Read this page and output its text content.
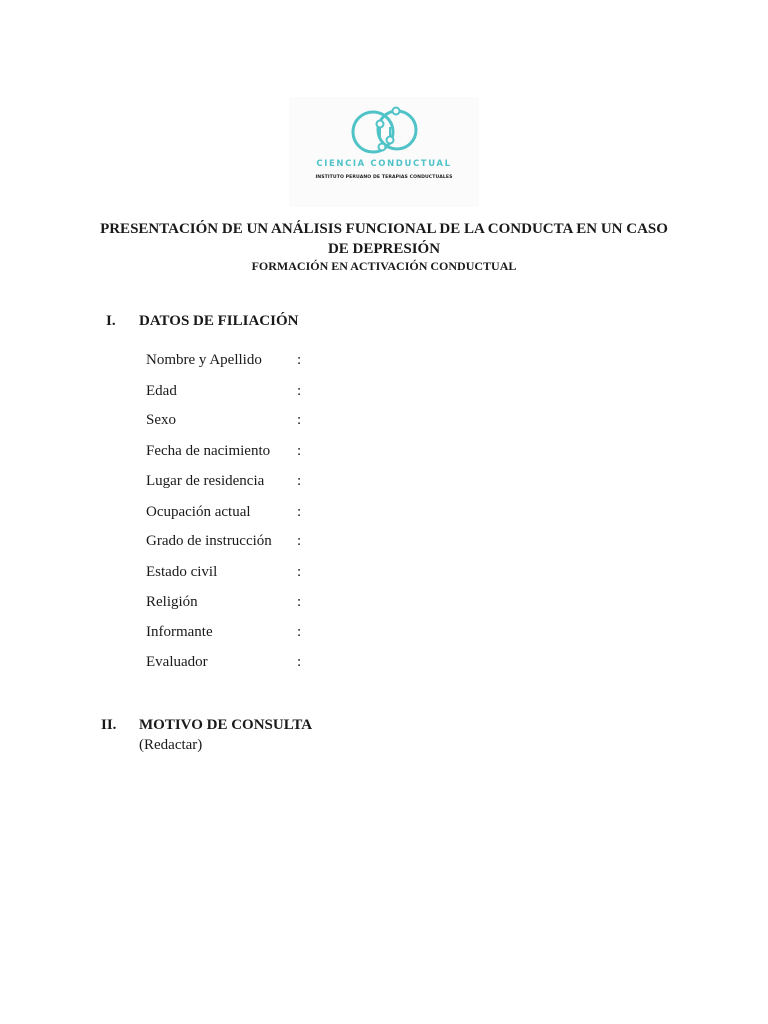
CIENCIA CONDUCTUAL
INSTITUTO PERUANO DE TERAPIAS CONDUCTUALES
PRESENTACIÓN DE UN ANÁLISIS FUNCIONAL DE LA CONDUCTA EN UN CASO DE DEPRESIÓN
FORMACIÓN EN ACTIVACIÓN CONDUCTUAL
I. DATOS DE FILIACIÓN
Nombre y Apellido :
Edad	:
Sexo	:
Fecha de nacimiento :
Lugar de residencia :
Ocupación actual	:
Grado de instrucción :
Estado civil	:
Religión	:
Informante	:
Evaluador	:
II. MOTIVO DE CONSULTA
(Redactar)
